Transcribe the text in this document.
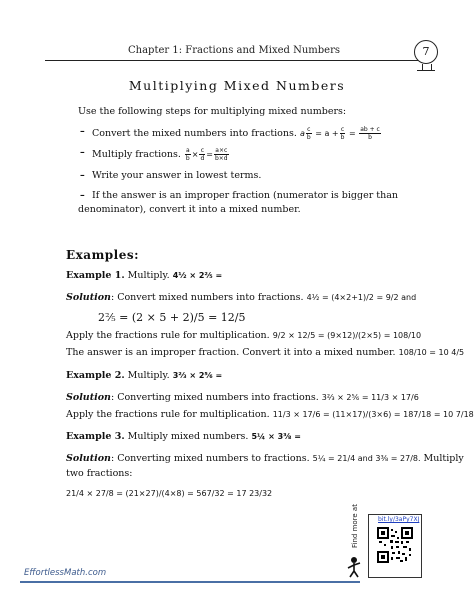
Chapter 1: Fractions and Mixed Numbers	7
Multiplying Mixed Numbers
Use the following steps for multiplying mixed numbers:
– Convert the mixed numbers into fractions. a $\frac{c}{b} = a + \frac{c}{b} = \frac{ab + c}{b}$
– Multiply fractions. $\frac{a}{b} \times \frac{c}{d} = \frac{a\times c}{b\times d}$
– Write your answer in lowest terms.
– If the answer is an improper fraction (numerator is bigger than
denominator), convert it into a mixed number.
Examples:
Example 1. Multiply. 4½ × 2⅖ =
Solution: Convert mixed numbers into fractions. 4½ = (4×2+1)/2 = 9/2 and
2⅖ = (2 × 5 + 2)/5 = 12/5
Apply the fractions rule for multiplication. 9/2 × 12/5 = (9×12)/(2×5) = 108/10
The answer is an improper fraction. Convert it into a mixed number. 108/10 = 10 4/5
Example 2. Multiply. 3⅔ × 2⅚ =
Solution: Converting mixed numbers into fractions. 3⅔ × 2⅚ = 11/3 × 17/6
Apply the fractions rule for multiplication. 11/3 × 17/6 = (11×17)/(3×6) = 187/18 = 10 7/18
Example 3. Multiply mixed numbers. 5¼ × 3⅜ =
Solution: Converting mixed numbers to fractions. 5¼ = 21/4 and 3⅜ = 27/8. Multiply
two fractions:
21/4 × 27/8 = (21×27)/(4×8) = 567/32 = 17 23/32
EffortlessMath.com
bit.ly/3aPy7XJ
Find more at
